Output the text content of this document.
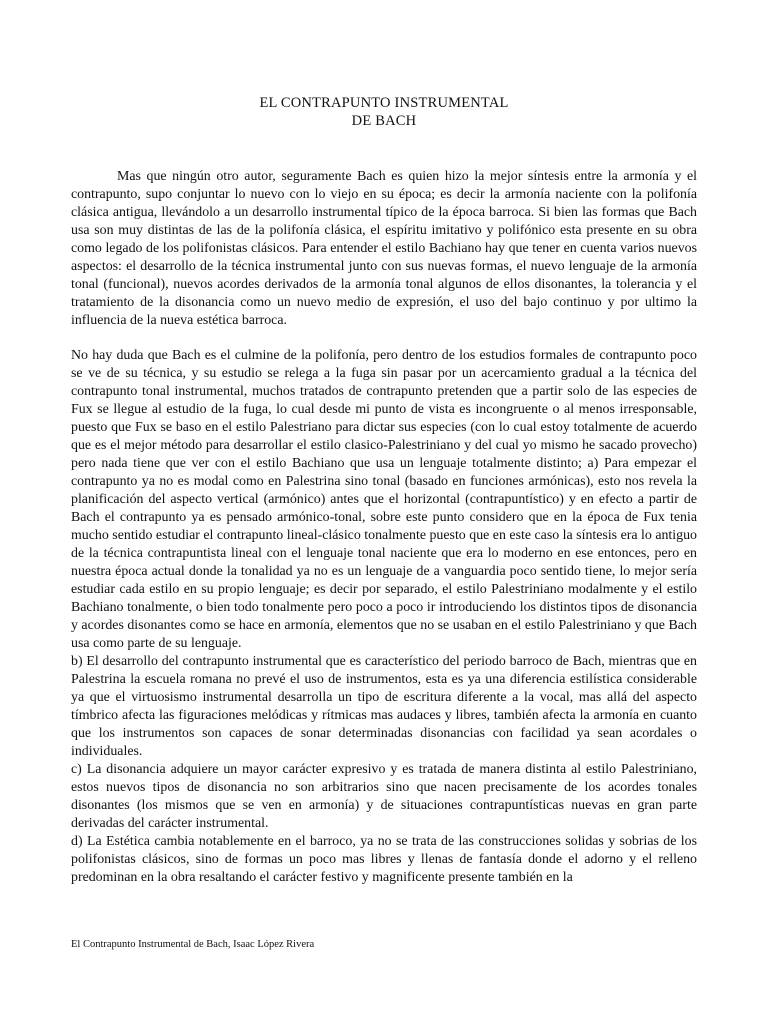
EL CONTRAPUNTO INSTRUMENTAL
DE BACH

Mas que ningún otro autor, seguramente Bach es quien hizo la mejor síntesis entre la armonía y el contrapunto, supo conjuntar lo nuevo con lo viejo en su época; es decir la armonía naciente con la polifonía clásica antigua, llevándolo a un desarrollo instrumental típico de la época barroca. Si bien las formas que Bach usa son muy distintas de las de la polifonía clásica, el espíritu imitativo y polifónico esta presente en su obra como legado de los polifonistas clásicos. Para entender el estilo Bachiano hay que tener en cuenta varios nuevos aspectos: el desarrollo de la técnica instrumental junto con sus nuevas formas, el nuevo lenguaje de la armonía tonal (funcional), nuevos acordes derivados de la armonía tonal algunos de ellos disonantes, la tolerancia y el tratamiento de la disonancia como un nuevo medio de expresión, el uso del bajo continuo y por ultimo la influencia de la nueva estética barroca.

No hay duda que Bach es el culmine de la polifonía, pero dentro de los estudios formales de contrapunto poco se ve de su técnica, y su estudio se relega a la fuga sin pasar por un acercamiento gradual a la técnica del contrapunto tonal instrumental, muchos tratados de contrapunto pretenden que a partir solo de las especies de Fux se llegue al estudio de la fuga, lo cual desde mi punto de vista es incongruente o al menos irresponsable, puesto que Fux se baso en el estilo Palestriano para dictar sus especies (con lo cual estoy totalmente de acuerdo que es el mejor método para desarrollar el estilo clasico-Palestriniano y del cual yo mismo he sacado provecho) pero nada tiene que ver con el estilo Bachiano que usa un lenguaje totalmente distinto; a) Para empezar el contrapunto ya no es modal como en Palestrina sino tonal (basado en funciones armónicas), esto nos revela la planificación del aspecto vertical (armónico) antes que el horizontal (contrapuntístico) y en efecto a partir de Bach el contrapunto ya es pensado armónico-tonal, sobre este punto considero que en la época de Fux tenia mucho sentido estudiar el contrapunto lineal-clásico tonalmente puesto que en este caso la síntesis era lo antiguo de la técnica contrapuntista lineal con el lenguaje tonal naciente que era lo moderno en ese entonces, pero en nuestra época actual donde la tonalidad ya no es un lenguaje de a vanguardia poco sentido tiene, lo mejor sería estudiar cada estilo en su propio lenguaje; es decir por separado, el estilo Palestriniano modalmente y el estilo Bachiano tonalmente, o bien todo tonalmente pero poco a poco ir introduciendo los distintos tipos de disonancia y acordes disonantes como se hace en armonía, elementos que no se usaban en el estilo Palestriniano y que Bach usa como parte de su lenguaje.

b) El desarrollo del contrapunto instrumental que es característico del periodo barroco de Bach, mientras que en Palestrina la escuela romana no prevé el uso de instrumentos, esta es ya una diferencia estilística considerable ya que el virtuosismo instrumental desarrolla un tipo de escritura diferente a la vocal, mas allá del aspecto tímbrico afecta las figuraciones melódicas y rítmicas mas audaces y libres, también afecta la armonía en cuanto que los instrumentos son capaces de sonar determinadas disonancias con facilidad ya sean acordales o individuales.

c) La disonancia adquiere un mayor carácter expresivo y es tratada de manera distinta al estilo Palestriniano, estos nuevos tipos de disonancia no son arbitrarios sino que nacen precisamente de los acordes tonales disonantes (los mismos que se ven en armonía) y de situaciones contrapuntísticas nuevas en gran parte derivadas del carácter instrumental.

d) La Estética cambia notablemente en el barroco, ya no se trata de las construcciones solidas y sobrias de los polifonistas clásicos, sino de formas un poco mas libres y llenas de fantasía donde el adorno y el relleno predominan en la obra resaltando el carácter festivo y magnificente presente también en la

El Contrapunto Instrumental de Bach, Isaac López Rivera
